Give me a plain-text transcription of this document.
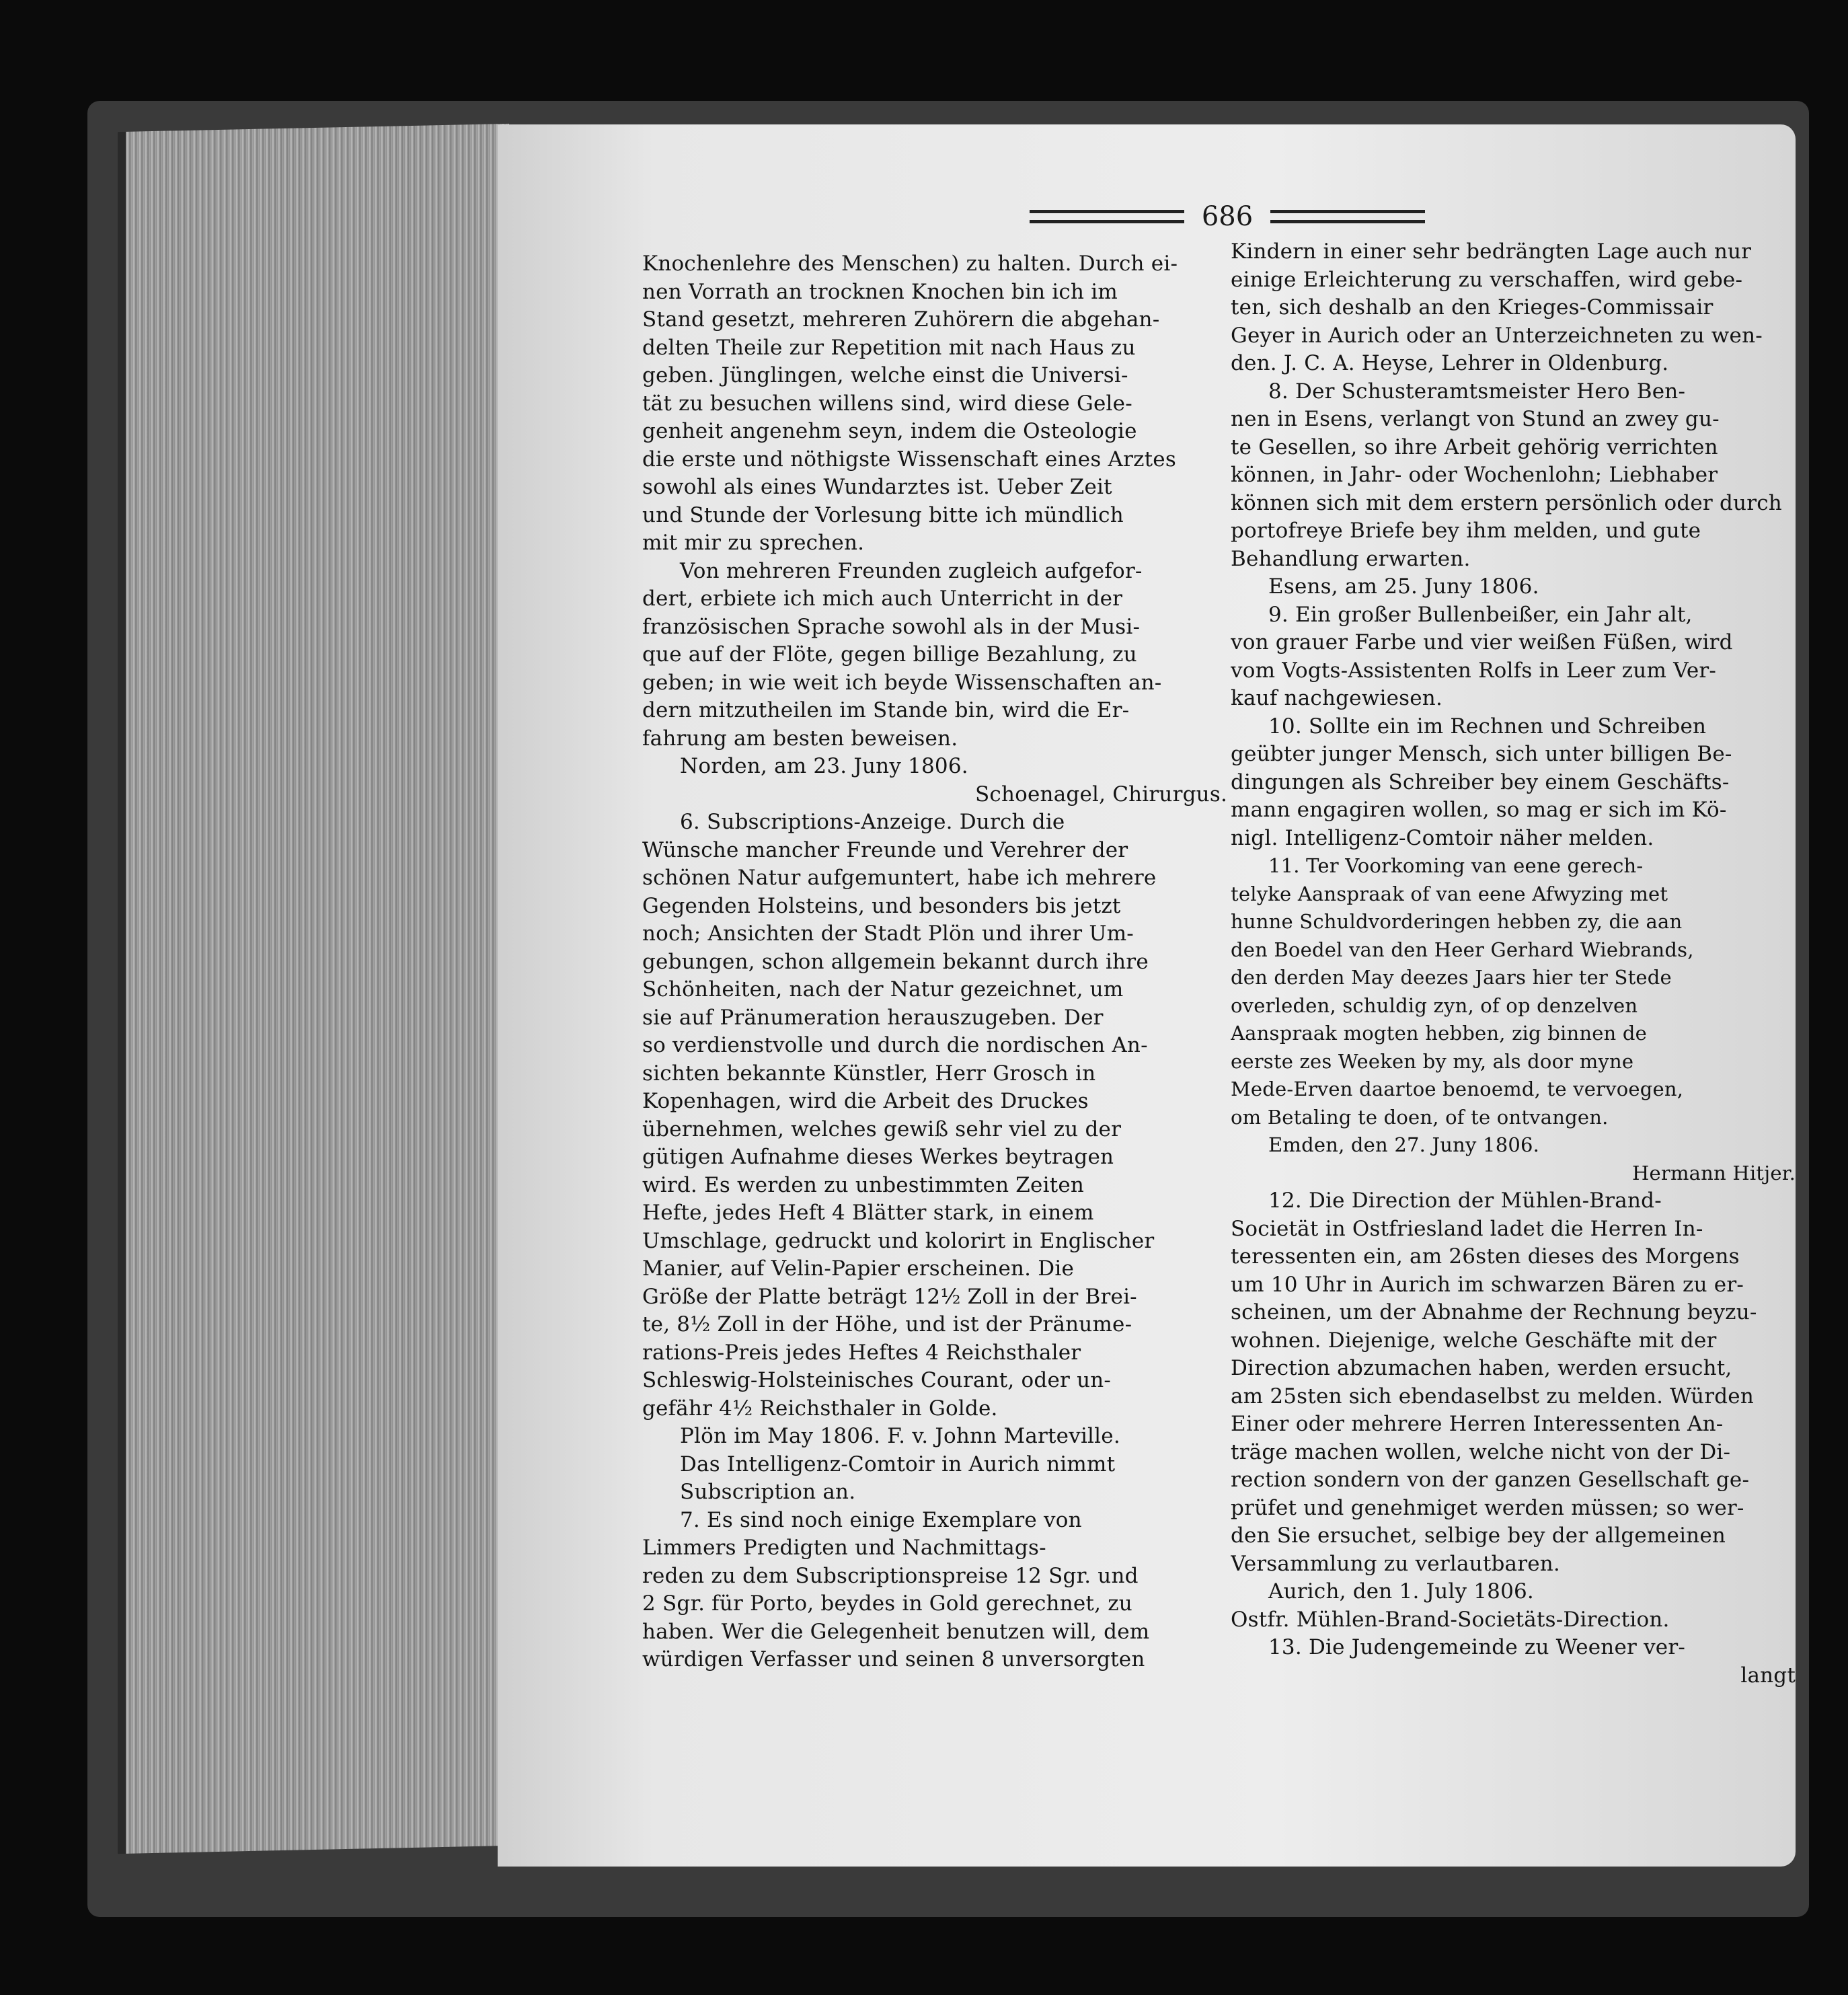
686
Knochenlehre des Menschen) zu halten. Durch ei-
nen Vorrath an trocknen Knochen bin ich im
Stand gesetzt, mehreren Zuhörern die abgehan-
delten Theile zur Repetition mit nach Haus zu
geben. Jünglingen, welche einst die Universi-
tät zu besuchen willens sind, wird diese Gele-
genheit angenehm seyn, indem die Osteologie
die erste und nöthigste Wissenschaft eines Arztes
sowohl als eines Wundarztes ist. Ueber Zeit
und Stunde der Vorlesung bitte ich mündlich
mit mir zu sprechen.
Von mehreren Freunden zugleich aufgefor-
dert, erbiete ich mich auch Unterricht in der
französischen Sprache sowohl als in der Musi-
que auf der Flöte, gegen billige Bezahlung, zu
geben; in wie weit ich beyde Wissenschaften an-
dern mitzutheilen im Stande bin, wird die Er-
fahrung am besten beweisen.
Norden, am 23. Juny 1806.
Schoenagel, Chirurgus.
6. Subscriptions-Anzeige. Durch die
Wünsche mancher Freunde und Verehrer der
schönen Natur aufgemuntert, habe ich mehrere
Gegenden Holsteins, und besonders bis jetzt
noch; Ansichten der Stadt Plön und ihrer Um-
gebungen, schon allgemein bekannt durch ihre
Schönheiten, nach der Natur gezeichnet, um
sie auf Pränumeration herauszugeben. Der
so verdienstvolle und durch die nordischen An-
sichten bekannte Künstler, Herr Grosch in
Kopenhagen, wird die Arbeit des Druckes
übernehmen, welches gewiß sehr viel zu der
gütigen Aufnahme dieses Werkes beytragen
wird. Es werden zu unbestimmten Zeiten
Hefte, jedes Heft 4 Blätter stark, in einem
Umschlage, gedruckt und kolorirt in Englischer
Manier, auf Velin-Papier erscheinen. Die
Größe der Platte beträgt 12½ Zoll in der Brei-
te, 8½ Zoll in der Höhe, und ist der Pränume-
rations-Preis jedes Heftes 4 Reichsthaler
Schleswig-Holsteinisches Courant, oder un-
gefähr 4½ Reichsthaler in Golde.
Plön im May 1806. F. v. Johnn Marteville.
Das Intelligenz-Comtoir in Aurich nimmt
Subscription an.
7. Es sind noch einige Exemplare von
Limmers Predigten und Nachmittags-
reden zu dem Subscriptionspreise 12 Sgr. und
2 Sgr. für Porto, beydes in Gold gerechnet, zu
haben. Wer die Gelegenheit benutzen will, dem
würdigen Verfasser und seinen 8 unversorgten
Kindern in einer sehr bedrängten Lage auch nur
einige Erleichterung zu verschaffen, wird gebe-
ten, sich deshalb an den Krieges-Commissair
Geyer in Aurich oder an Unterzeichneten zu wen-
den. J. C. A. Heyse, Lehrer in Oldenburg.
8. Der Schusteramtsmeister Hero Ben-
nen in Esens, verlangt von Stund an zwey gu-
te Gesellen, so ihre Arbeit gehörig verrichten
können, in Jahr- oder Wochenlohn; Liebhaber
können sich mit dem erstern persönlich oder durch
portofreye Briefe bey ihm melden, und gute
Behandlung erwarten.
Esens, am 25. Juny 1806.
9. Ein großer Bullenbeißer, ein Jahr alt,
von grauer Farbe und vier weißen Füßen, wird
vom Vogts-Assistenten Rolfs in Leer zum Ver-
kauf nachgewiesen.
10. Sollte ein im Rechnen und Schreiben
geübter junger Mensch, sich unter billigen Be-
dingungen als Schreiber bey einem Geschäfts-
mann engagiren wollen, so mag er sich im Kö-
nigl. Intelligenz-Comtoir näher melden.
11. Ter Voorkoming van eene gerech-
telyke Aanspraak of van eene Afwyzing met
hunne Schuldvorderingen hebben zy, die aan
den Boedel van den Heer Gerhard Wiebrands,
den derden May deezes Jaars hier ter Stede
overleden, schuldig zyn, of op denzelven
Aanspraak mogten hebben, zig binnen de
eerste zes Weeken by my, als door myne
Mede-Erven daartoe benoemd, te vervoegen,
om Betaling te doen, of te ontvangen.
Emden, den 27. Juny 1806.
Hermann Hitjer.
12. Die Direction der Mühlen-Brand-
Societät in Ostfriesland ladet die Herren In-
teressenten ein, am 26sten dieses des Morgens
um 10 Uhr in Aurich im schwarzen Bären zu er-
scheinen, um der Abnahme der Rechnung beyzu-
wohnen. Diejenige, welche Geschäfte mit der
Direction abzumachen haben, werden ersucht,
am 25sten sich ebendaselbst zu melden. Würden
Einer oder mehrere Herren Interessenten An-
träge machen wollen, welche nicht von der Di-
rection sondern von der ganzen Gesellschaft ge-
prüfet und genehmiget werden müssen; so wer-
den Sie ersuchet, selbige bey der allgemeinen
Versammlung zu verlautbaren.
Aurich, den 1. July 1806.
Ostfr. Mühlen-Brand-Societäts-Direction.
13. Die Judengemeinde zu Weener ver-
langt
